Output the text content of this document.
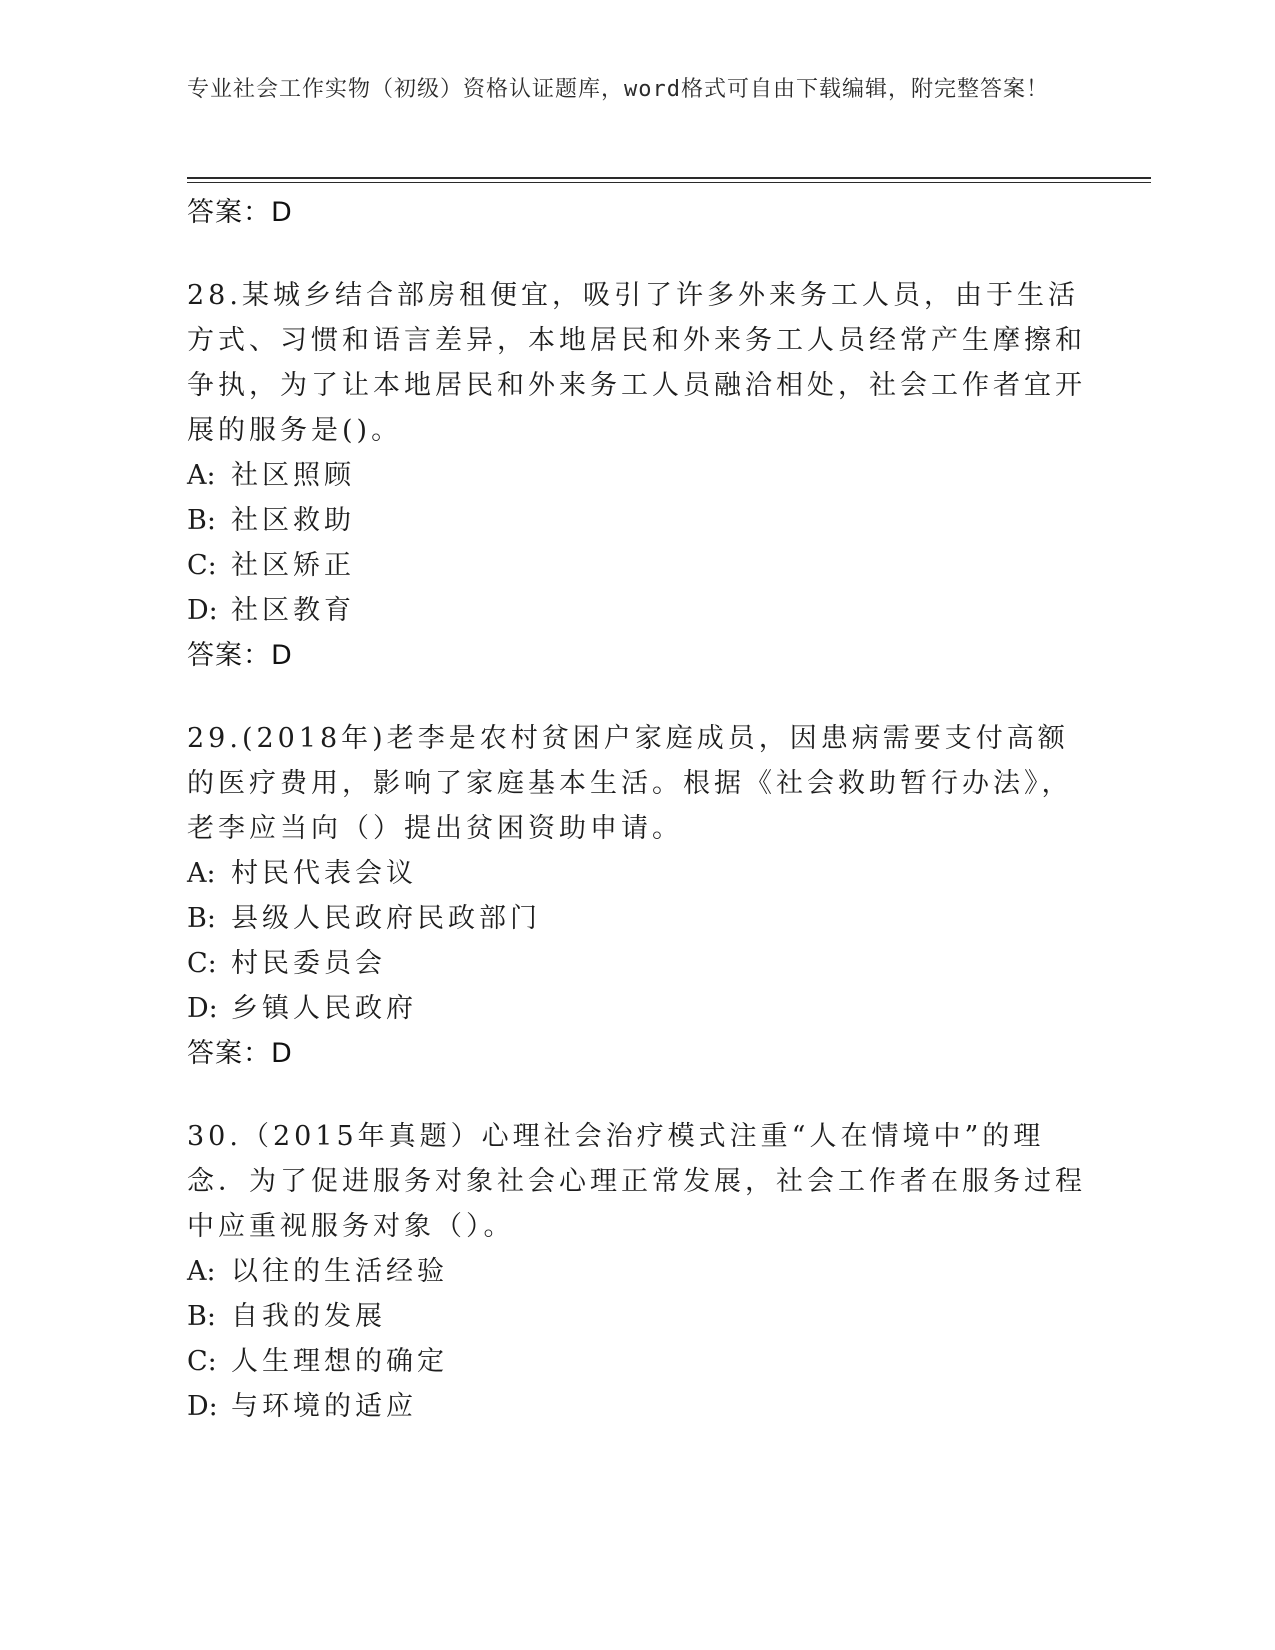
专业社会工作实物（初级）资格认证题库，word格式可自由下载编辑，附完整答案！
答案：D

28.某城乡结合部房租便宜，吸引了许多外来务工人员，由于生活方式、习惯和语言差异，本地居民和外来务工人员经常产生摩擦和争执，为了让本地居民和外来务工人员融洽相处，社会工作者宜开展的服务是()。

A: 社区照顾
B: 社区救助
C: 社区矫正
D: 社区教育
答案：D

29.(2018年)老李是农村贫困户家庭成员，因患病需要支付高额的医疗费用，影响了家庭基本生活。根据《社会救助暂行办法》，老李应当向（）提出贫困资助申请。

A: 村民代表会议
B: 县级人民政府民政部门
C: 村民委员会
D: 乡镇人民政府
答案：D

30.（2015年真题）心理社会治疗模式注重“人在情境中”的理念．为了促进服务对象社会心理正常发展，社会工作者在服务过程中应重视服务对象（）。

A: 以往的生活经验
B: 自我的发展
C: 人生理想的确定
D: 与环境的适应
